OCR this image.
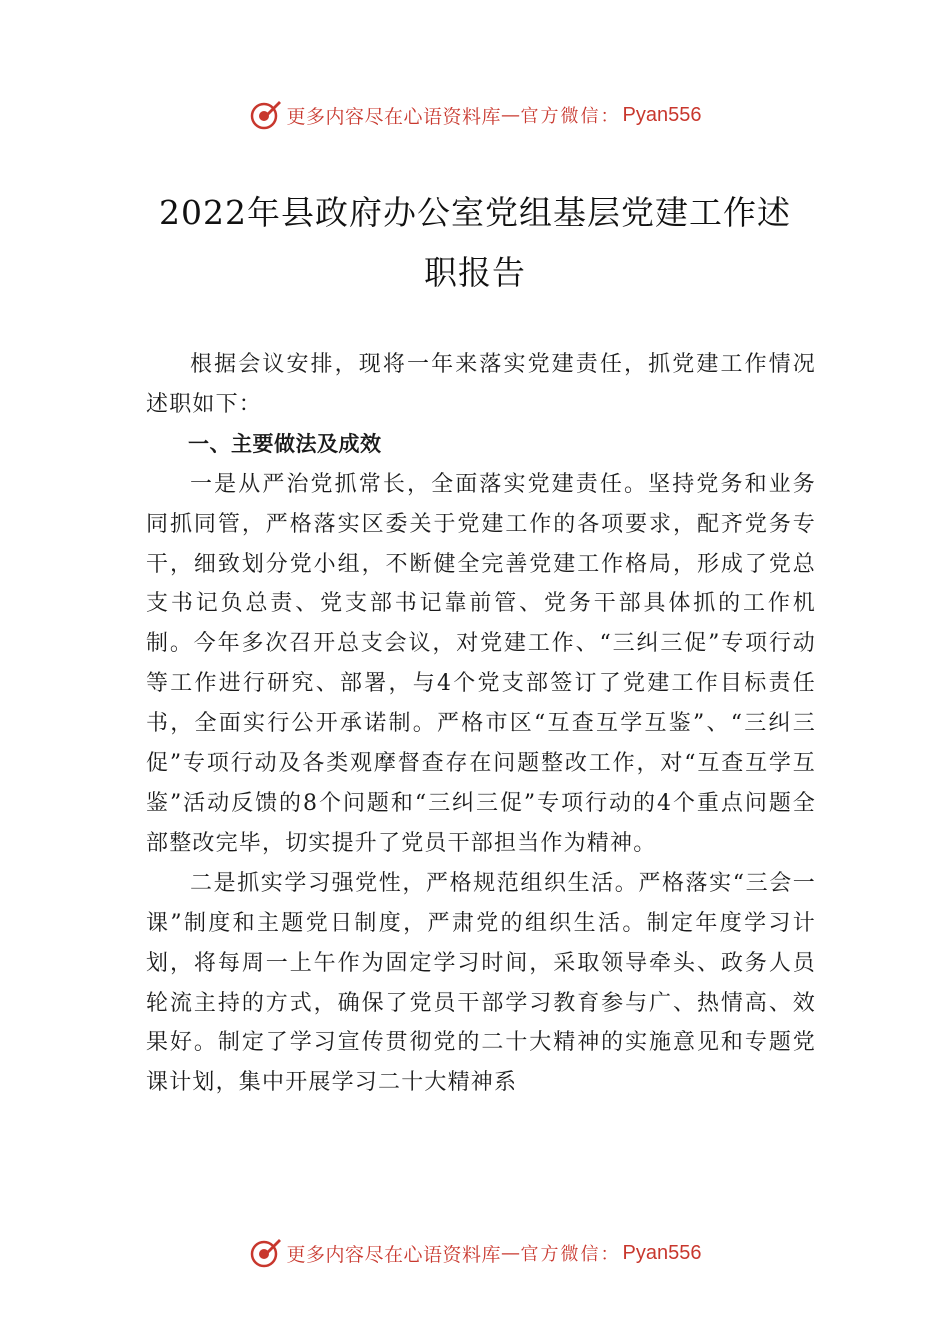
更多内容尽在心语资料库 — 官方微信： Pyan556
2022年县政府办公室党组基层党建工作述
职报告

根据会议安排，现将一年来落实党建责任，抓党建工作情况述职如下：

一、主要做法及成效

一是从严治党抓常长，全面落实党建责任。坚持党务和业务同抓同管，严格落实区委关于党建工作的各项要求，配齐党务专干，细致划分党小组，不断健全完善党建工作格局，形成了党总支书记负总责、党支部书记靠前管、党务干部具体抓的工作机制。今年多次召开总支会议，对党建工作、“三纠三促”专项行动等工作进行研究、部署，与4个党支部签订了党建工作目标责任书，全面实行公开承诺制。严格市区“互查互学互鉴”、“三纠三促”专项行动及各类观摩督查存在问题整改工作，对“互查互学互鉴”活动反馈的8个问题和“三纠三促”专项行动的4个重点问题全部整改完毕，切实提升了党员干部担当作为精神。

二是抓实学习强党性，严格规范组织生活。严格落实“三会一课”制度和主题党日制度，严肃党的组织生活。制定年度学习计划，将每周一上午作为固定学习时间，采取领导牵头、政务人员轮流主持的方式，确保了党员干部学习教育参与广、热情高、效果好。制定了学习宣传贯彻党的二十大精神的实施意见和专题党课计划，集中开展学习二十大精神系

更多内容尽在心语资料库 — 官方微信： Pyan556
